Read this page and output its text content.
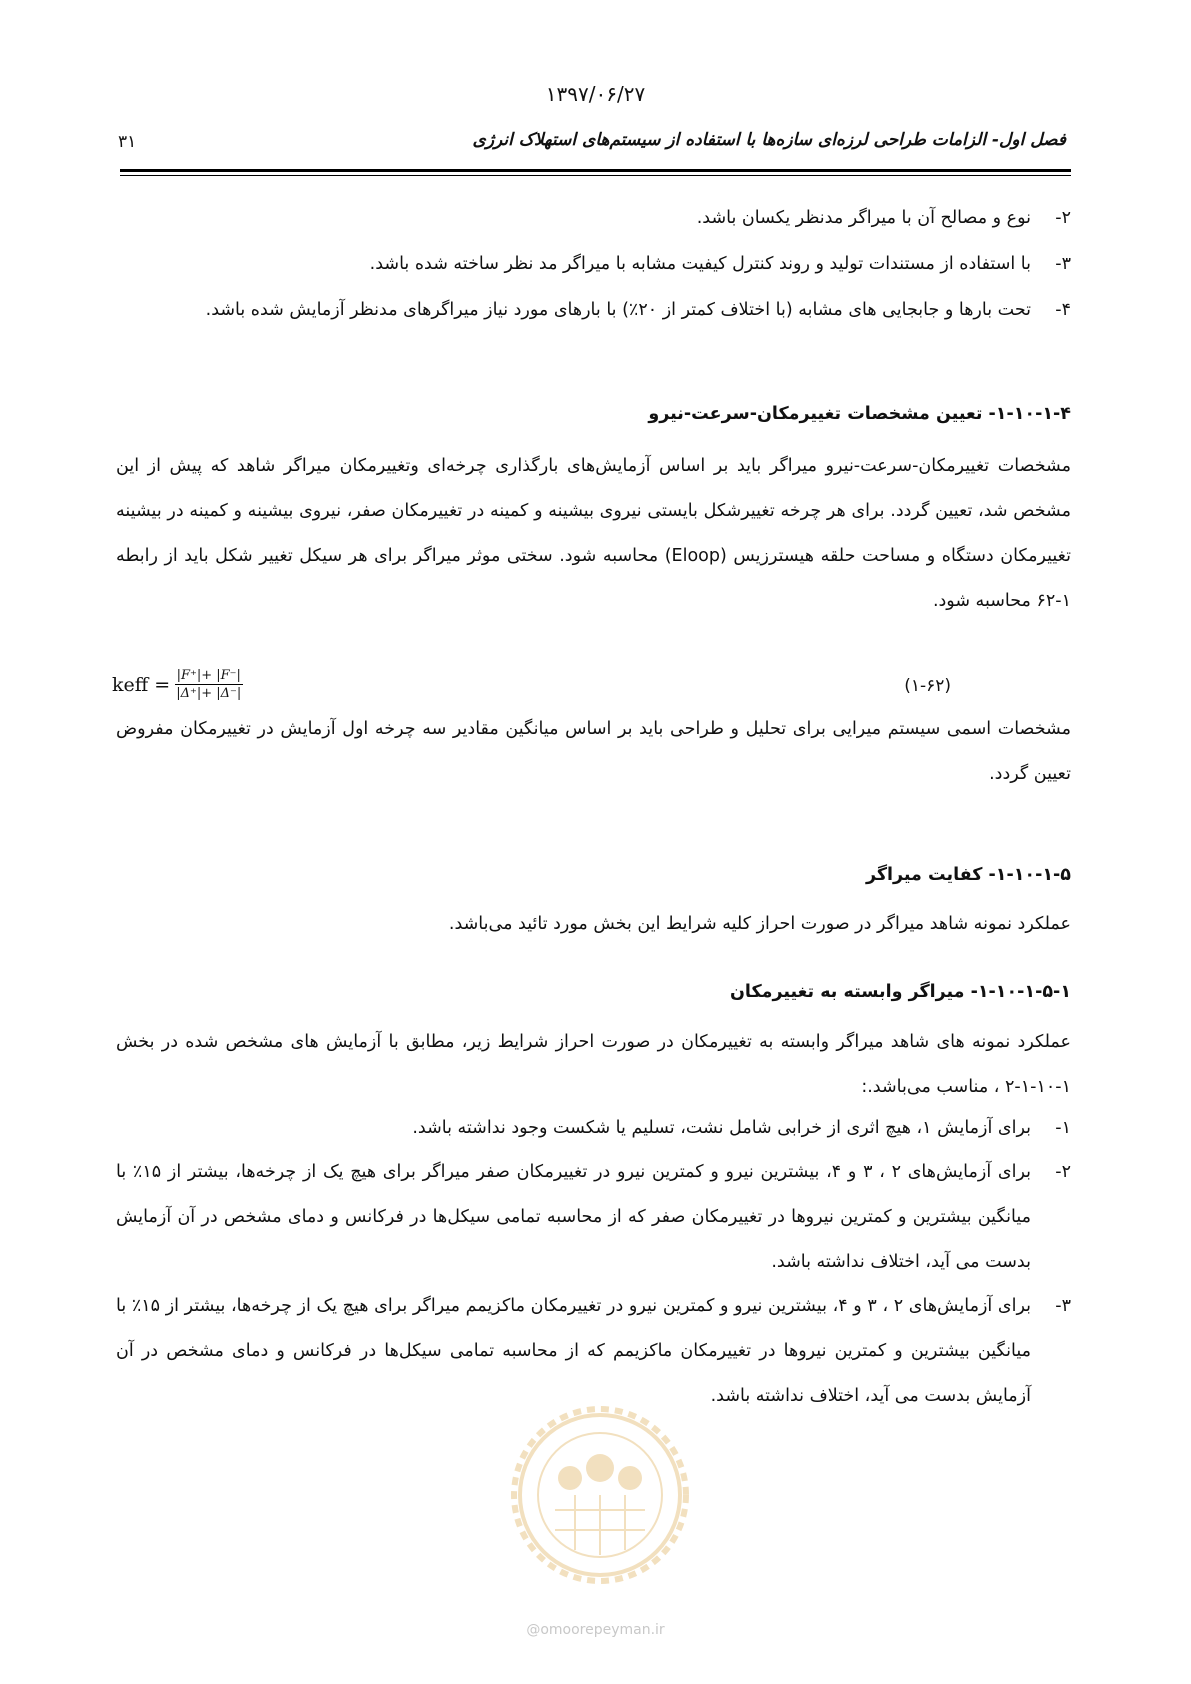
۱۳۹۷/۰۶/۲۷
۳۱	فصل اول- الزامات طراحی لرزه‌ای سازه‌ها با استفاده از سیستم‌های استهلاک انرژی
۲-
نوع و مصالح آن با میراگر مدنظر یکسان باشد.
۳-
با استفاده از مستندات تولید و روند کنترل کیفیت مشابه با میراگر مد نظر ساخته شده باشد.
۴-
تحت بارها و جابجایی های مشابه (با اختلاف کمتر از ۲۰٪) با بارهای مورد نیاز میراگرهای مدنظر آزمایش شده باشد.
۱-۱۰-۱-۴- تعیین مشخصات تغییرمکان-سرعت-نیرو
مشخصات تغییرمکان-سرعت-نیرو میراگر باید بر اساس آزمایش‌های بارگذاری چرخه‌ای وتغییرمکان میراگر شاهد که پیش از این مشخص شد، تعیین گردد. برای هر چرخه تغییرشکل بایستی نیروی بیشینه و کمینه در تغییرمکان صفر، نیروی بیشینه و کمینه در بیشینه تغییرمکان دستگاه و مساحت حلقه هیسترزیس (Eloop) محاسبه شود. سختی موثر میراگر برای هر سیکل تغییر شکل باید از رابطه ۱-۶۲ محاسبه شود.
keff = $\frac{|F^+|+ |F^-|}{|\Delta^+|+ |\Delta^-|}$	(۱-۶۲)
مشخصات اسمی سیستم میرایی برای تحلیل و طراحی باید بر اساس میانگین مقادیر سه چرخه اول آزمایش در تغییرمکان مفروض تعیین گردد.
۱-۱۰-۱-۵- کفایت میراگر
عملکرد نمونه شاهد میراگر در صورت احراز کلیه شرایط این بخش مورد تائید می‌باشد.
۱-۱۰-۱-۵-۱- میراگر وابسته به تغییرمکان
عملکرد نمونه های شاهد میراگر وابسته به تغییرمکان در صورت احراز شرایط زیر، مطابق با آزمایش های مشخص شده در بخش ۱-۱۰-۱-۲ ، مناسب می‌باشد.:
۱-
برای آزمایش ۱، هیچ اثری از خرابی شامل نشت، تسلیم یا شکست وجود نداشته باشد.
۲-
برای آزمایش‌های ۲ ، ۳ و ۴، بیشترین نیرو و کمترین نیرو در تغییرمکان صفر میراگر برای هیچ یک از چرخه‌ها، بیشتر از ۱۵٪ با میانگین بیشترین و کمترین نیروها در تغییرمکان صفر که از محاسبه تمامی سیکل‌ها در فرکانس و دمای مشخص در آن آزمایش بدست می آید، اختلاف نداشته باشد.
۳-
برای آزمایش‌های ۲ ، ۳ و ۴، بیشترین نیرو و کمترین نیرو در تغییرمکان ماکزیمم میراگر برای هیچ یک از چرخه‌ها، بیشتر از ۱۵٪ با میانگین بیشترین و کمترین نیروها در تغییرمکان ماکزیمم که از محاسبه تمامی سیکل‌ها در فرکانس و دمای مشخص در آن آزمایش بدست می آید، اختلاف نداشته باشد.
@omoorepeyman.ir
